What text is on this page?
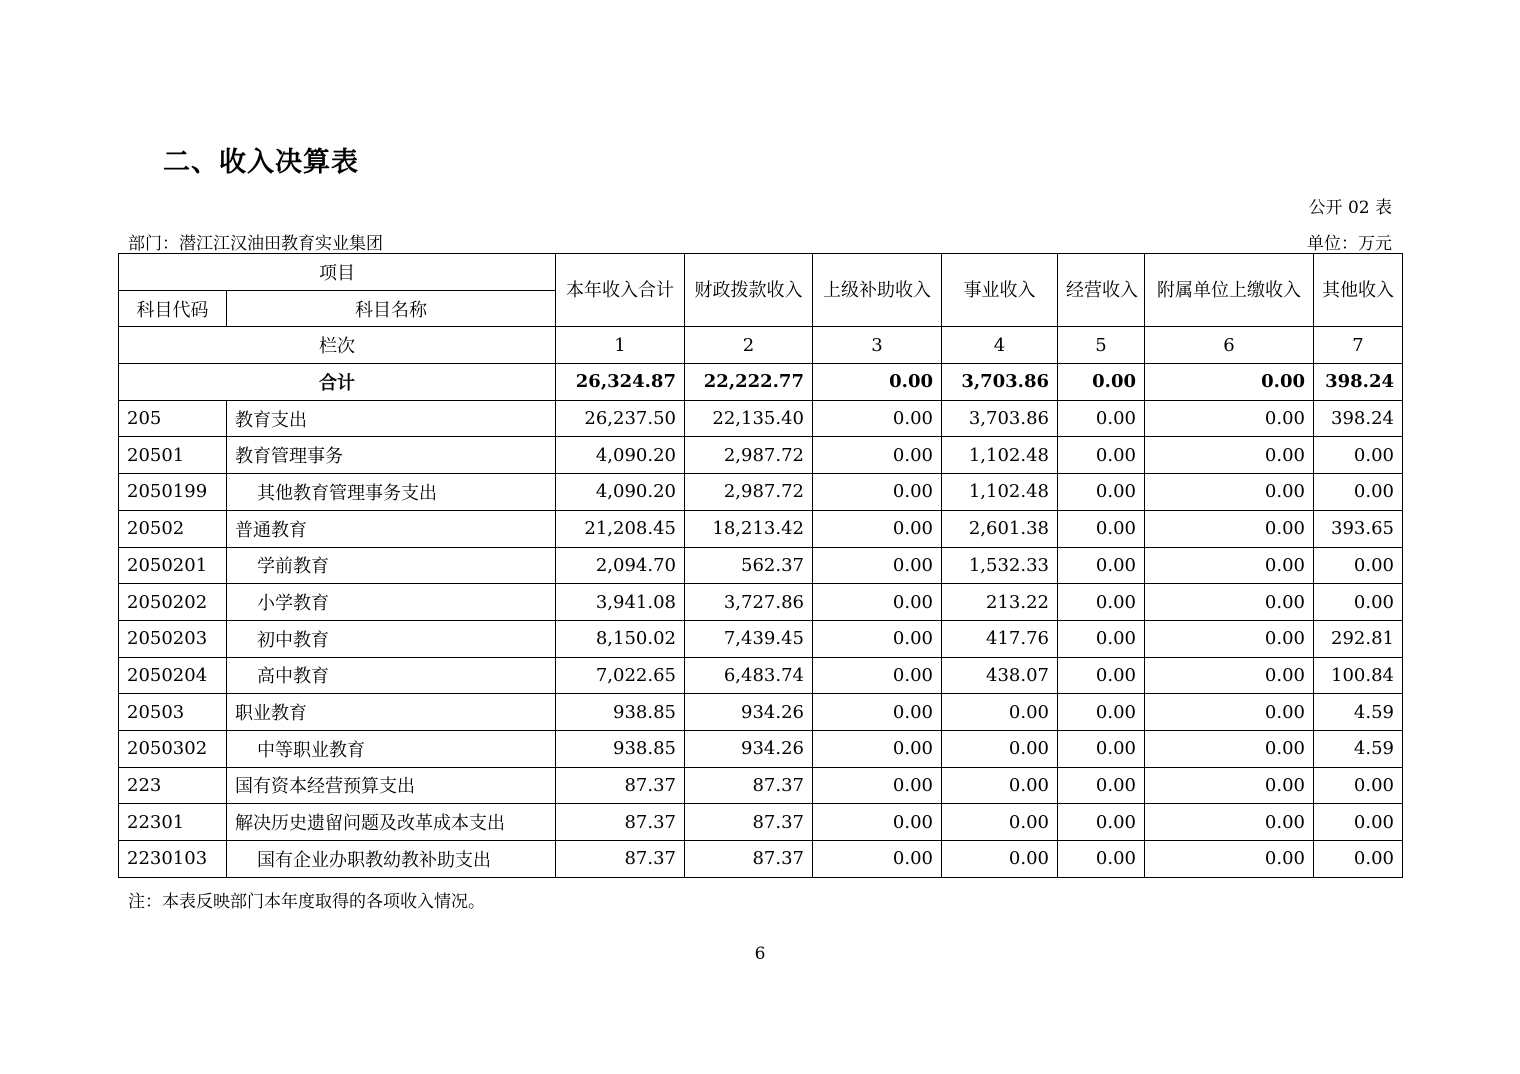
二、收入决算表
公开 02 表
部门：潜江江汉油田教育实业集团	单位：万元
项目		本年收入合计	财政拨款收入	上级补助收入	事业收入	经营收入	附属单位上缴收入	其他收入
科目代码	科目名称							
栏次		1	2	3	4	5	6	7
合计		26,324.87	22,222.77	0.00	3,703.86	0.00	0.00	398.24
205	教育支出	26,237.50	22,135.40	0.00	3,703.86	0.00	0.00	398.24
20501	教育管理事务	4,090.20	2,987.72	0.00	1,102.48	0.00	0.00	0.00
2050199	其他教育管理事务支出	4,090.20	2,987.72	0.00	1,102.48	0.00	0.00	0.00
20502	普通教育	21,208.45	18,213.42	0.00	2,601.38	0.00	0.00	393.65
2050201	学前教育	2,094.70	562.37	0.00	1,532.33	0.00	0.00	0.00
2050202	小学教育	3,941.08	3,727.86	0.00	213.22	0.00	0.00	0.00
2050203	初中教育	8,150.02	7,439.45	0.00	417.76	0.00	0.00	292.81
2050204	高中教育	7,022.65	6,483.74	0.00	438.07	0.00	0.00	100.84
20503	职业教育	938.85	934.26	0.00	0.00	0.00	0.00	4.59
2050302	中等职业教育	938.85	934.26	0.00	0.00	0.00	0.00	4.59
223	国有资本经营预算支出	87.37	87.37	0.00	0.00	0.00	0.00	0.00
22301	解决历史遗留问题及改革成本支出	87.37	87.37	0.00	0.00	0.00	0.00	0.00
2230103	国有企业办职教幼教补助支出	87.37	87.37	0.00	0.00	0.00	0.00	0.00
注：本表反映部门本年度取得的各项收入情况。
6
